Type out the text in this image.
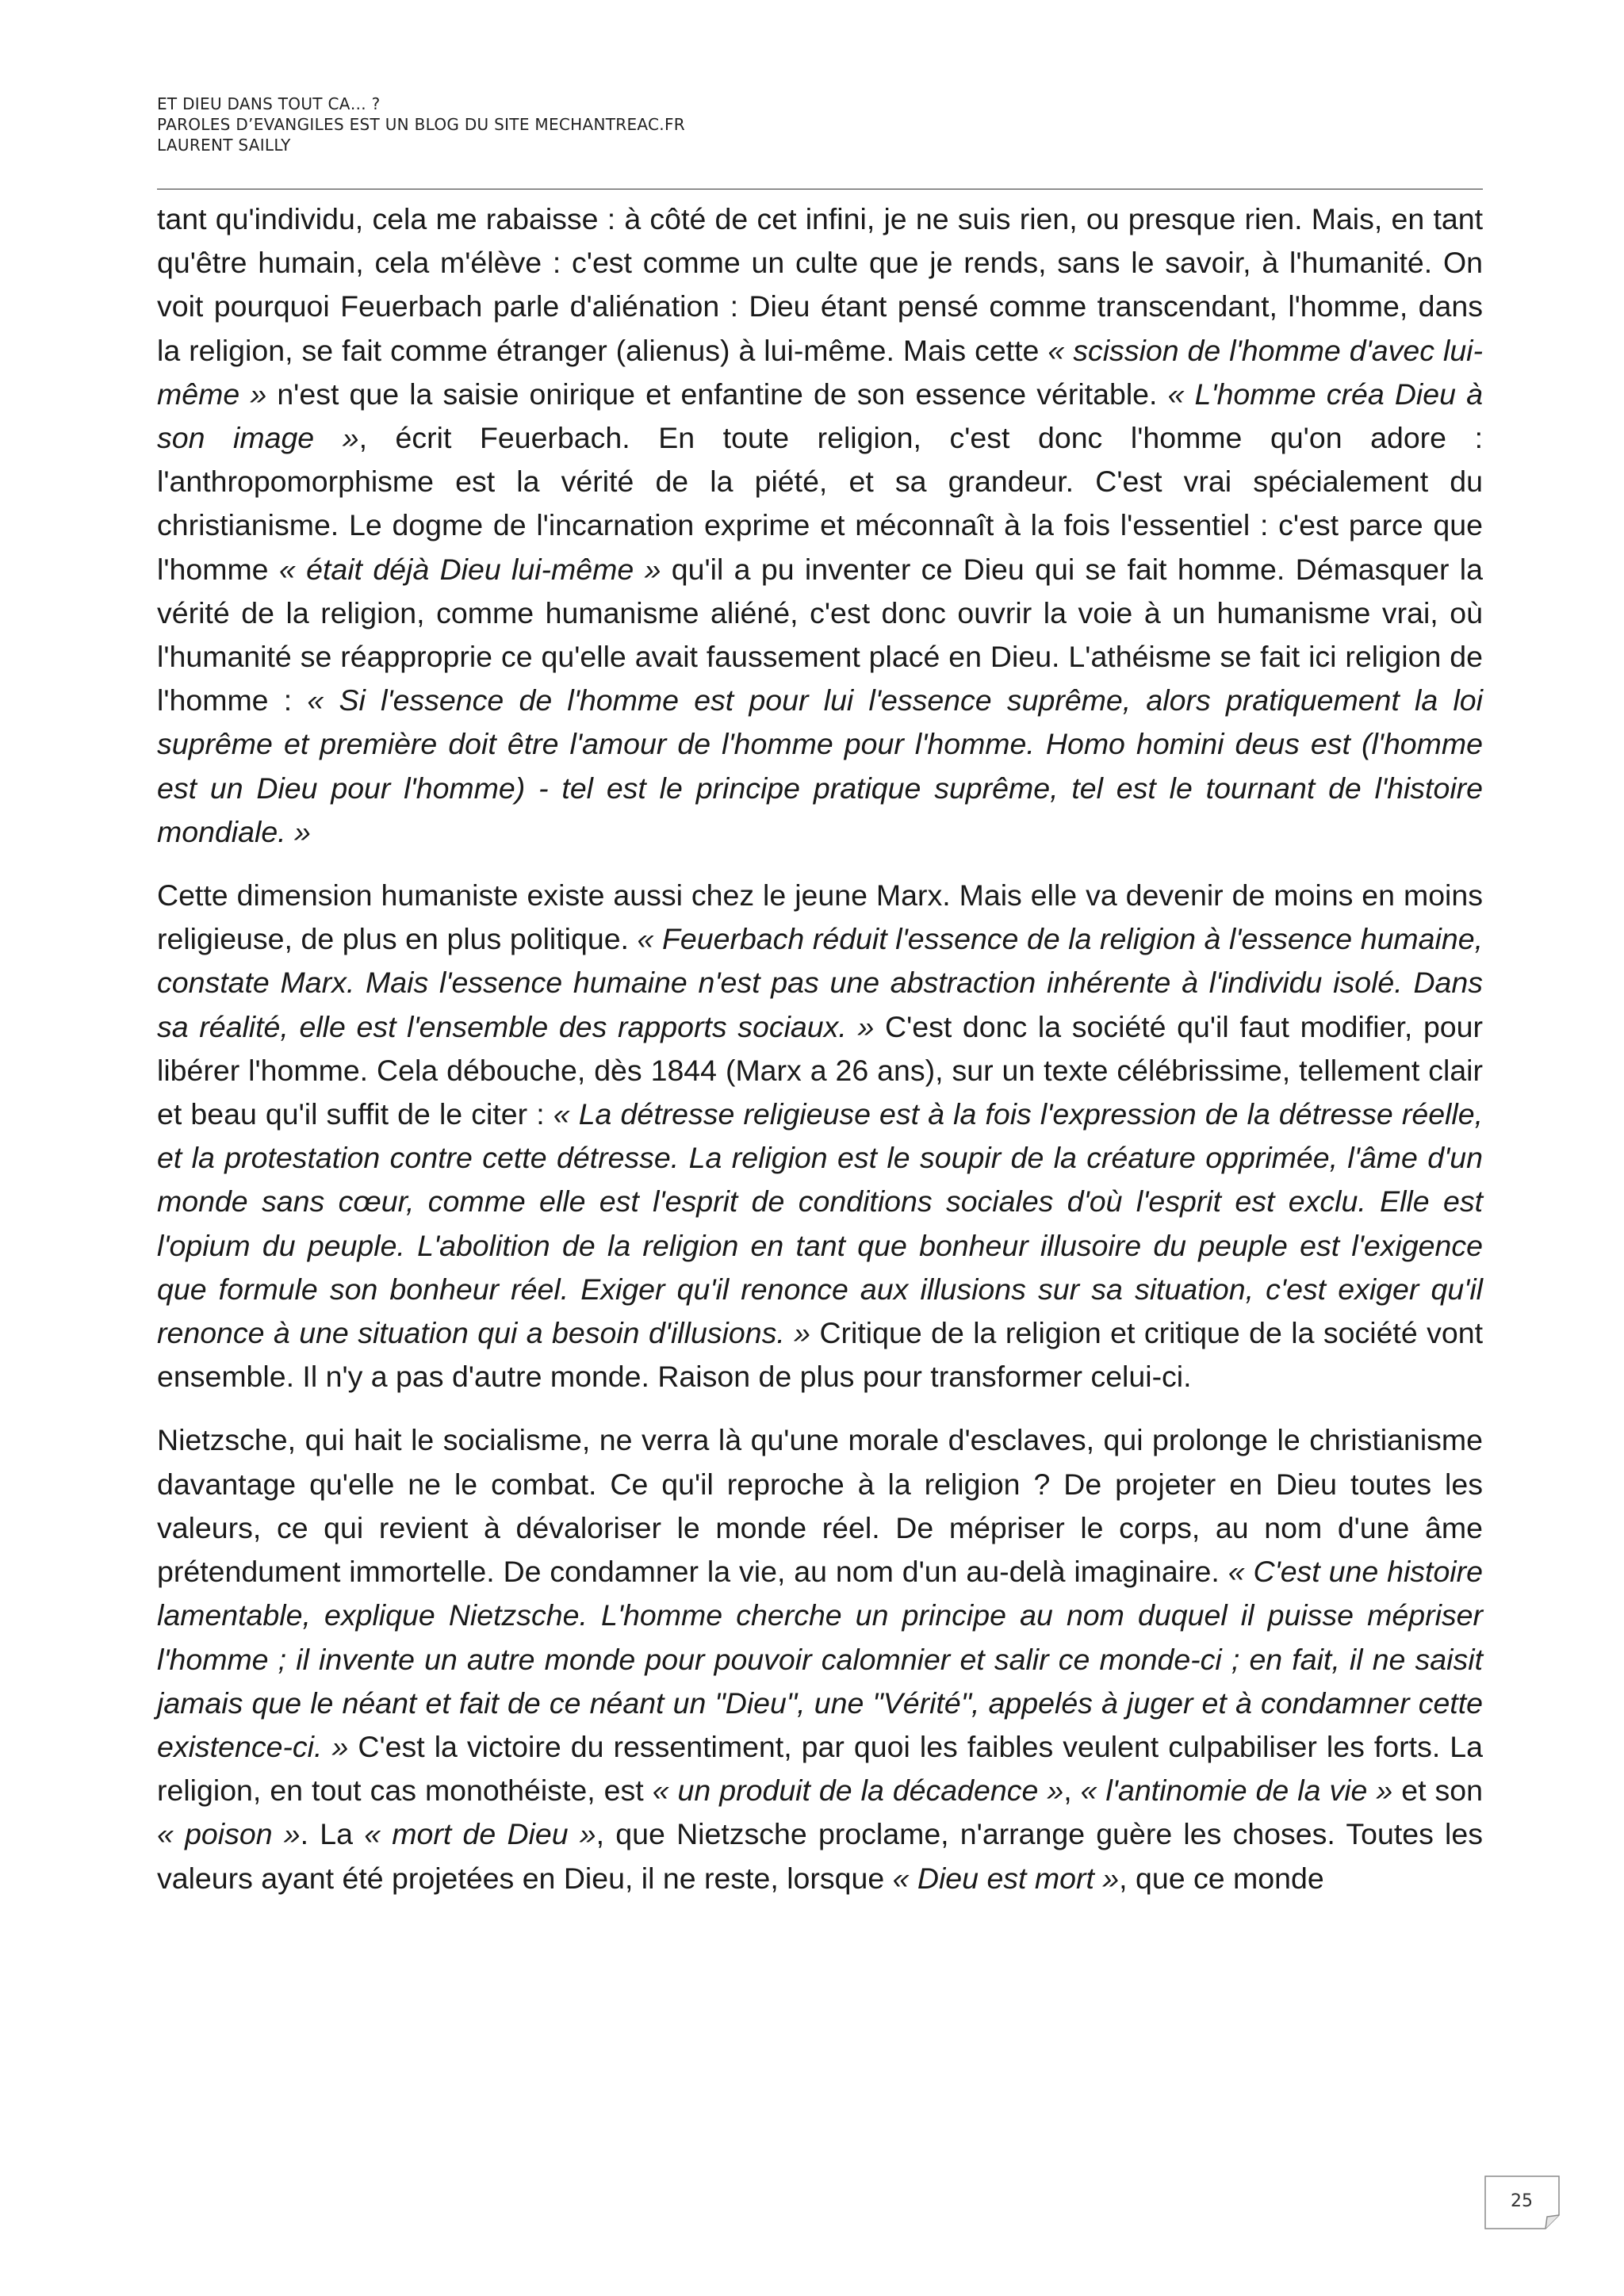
ET DIEU DANS TOUT CA… ?
PAROLES D’EVANGILES EST UN BLOG DU SITE MECHANTREAC.FR
LAURENT SAILLY

tant qu'individu, cela me rabaisse : à côté de cet infini, je ne suis rien, ou presque rien. Mais, en tant qu'être humain, cela m'élève : c'est comme un culte que je rends, sans le savoir, à l'humanité. On voit pourquoi Feuerbach parle d'aliénation : Dieu étant pensé comme transcendant, l'homme, dans la religion, se fait comme étranger (alienus) à lui-même. Mais cette « scission de l'homme d'avec lui-même » n'est que la saisie onirique et enfantine de son essence véritable. « L'homme créa Dieu à son image », écrit Feuerbach. En toute religion, c'est donc l'homme qu'on adore : l'anthropomorphisme est la vérité de la piété, et sa grandeur. C'est vrai spécialement du christianisme. Le dogme de l'incarnation exprime et méconnaît à la fois l'essentiel : c'est parce que l'homme « était déjà Dieu lui-même » qu'il a pu inventer ce Dieu qui se fait homme. Démasquer la vérité de la religion, comme humanisme aliéné, c'est donc ouvrir la voie à un humanisme vrai, où l'humanité se réapproprie ce qu'elle avait faussement placé en Dieu. L'athéisme se fait ici religion de l'homme : « Si l'essence de l'homme est pour lui l'essence suprême, alors pratiquement la loi suprême et première doit être l'amour de l'homme pour l'homme. Homo homini deus est (l'homme est un Dieu pour l'homme) - tel est le principe pratique suprême, tel est le tournant de l'histoire mondiale. »

Cette dimension humaniste existe aussi chez le jeune Marx. Mais elle va devenir de moins en moins religieuse, de plus en plus politique. « Feuerbach réduit l'essence de la religion à l'essence humaine, constate Marx. Mais l'essence humaine n'est pas une abstraction inhérente à l'individu isolé. Dans sa réalité, elle est l'ensemble des rapports sociaux. » C'est donc la société qu'il faut modifier, pour libérer l'homme. Cela débouche, dès 1844 (Marx a 26 ans), sur un texte célébrissime, tellement clair et beau qu'il suffit de le citer : « La détresse religieuse est à la fois l'expression de la détresse réelle, et la protestation contre cette détresse. La religion est le soupir de la créature opprimée, l'âme d'un monde sans cœur, comme elle est l'esprit de conditions sociales d'où l'esprit est exclu. Elle est l'opium du peuple. L'abolition de la religion en tant que bonheur illusoire du peuple est l'exigence que formule son bonheur réel. Exiger qu'il renonce aux illusions sur sa situation, c'est exiger qu'il renonce à une situation qui a besoin d'illusions. » Critique de la religion et critique de la société vont ensemble. Il n'y a pas d'autre monde. Raison de plus pour transformer celui-ci.

Nietzsche, qui hait le socialisme, ne verra là qu'une morale d'esclaves, qui prolonge le christianisme davantage qu'elle ne le combat. Ce qu'il reproche à la religion ? De projeter en Dieu toutes les valeurs, ce qui revient à dévaloriser le monde réel. De mépriser le corps, au nom d'une âme prétendument immortelle. De condamner la vie, au nom d'un au-delà imaginaire. « C'est une histoire lamentable, explique Nietzsche. L'homme cherche un principe au nom duquel il puisse mépriser l'homme ; il invente un autre monde pour pouvoir calomnier et salir ce monde-ci ; en fait, il ne saisit jamais que le néant et fait de ce néant un "Dieu", une "Vérité", appelés à juger et à condamner cette existence-ci. » C'est la victoire du ressentiment, par quoi les faibles veulent culpabiliser les forts. La religion, en tout cas monothéiste, est « un produit de la décadence », « l'antinomie de la vie » et son « poison ». La « mort de Dieu », que Nietzsche proclame, n'arrange guère les choses. Toutes les valeurs ayant été projetées en Dieu, il ne reste, lorsque « Dieu est mort », que ce monde

25
